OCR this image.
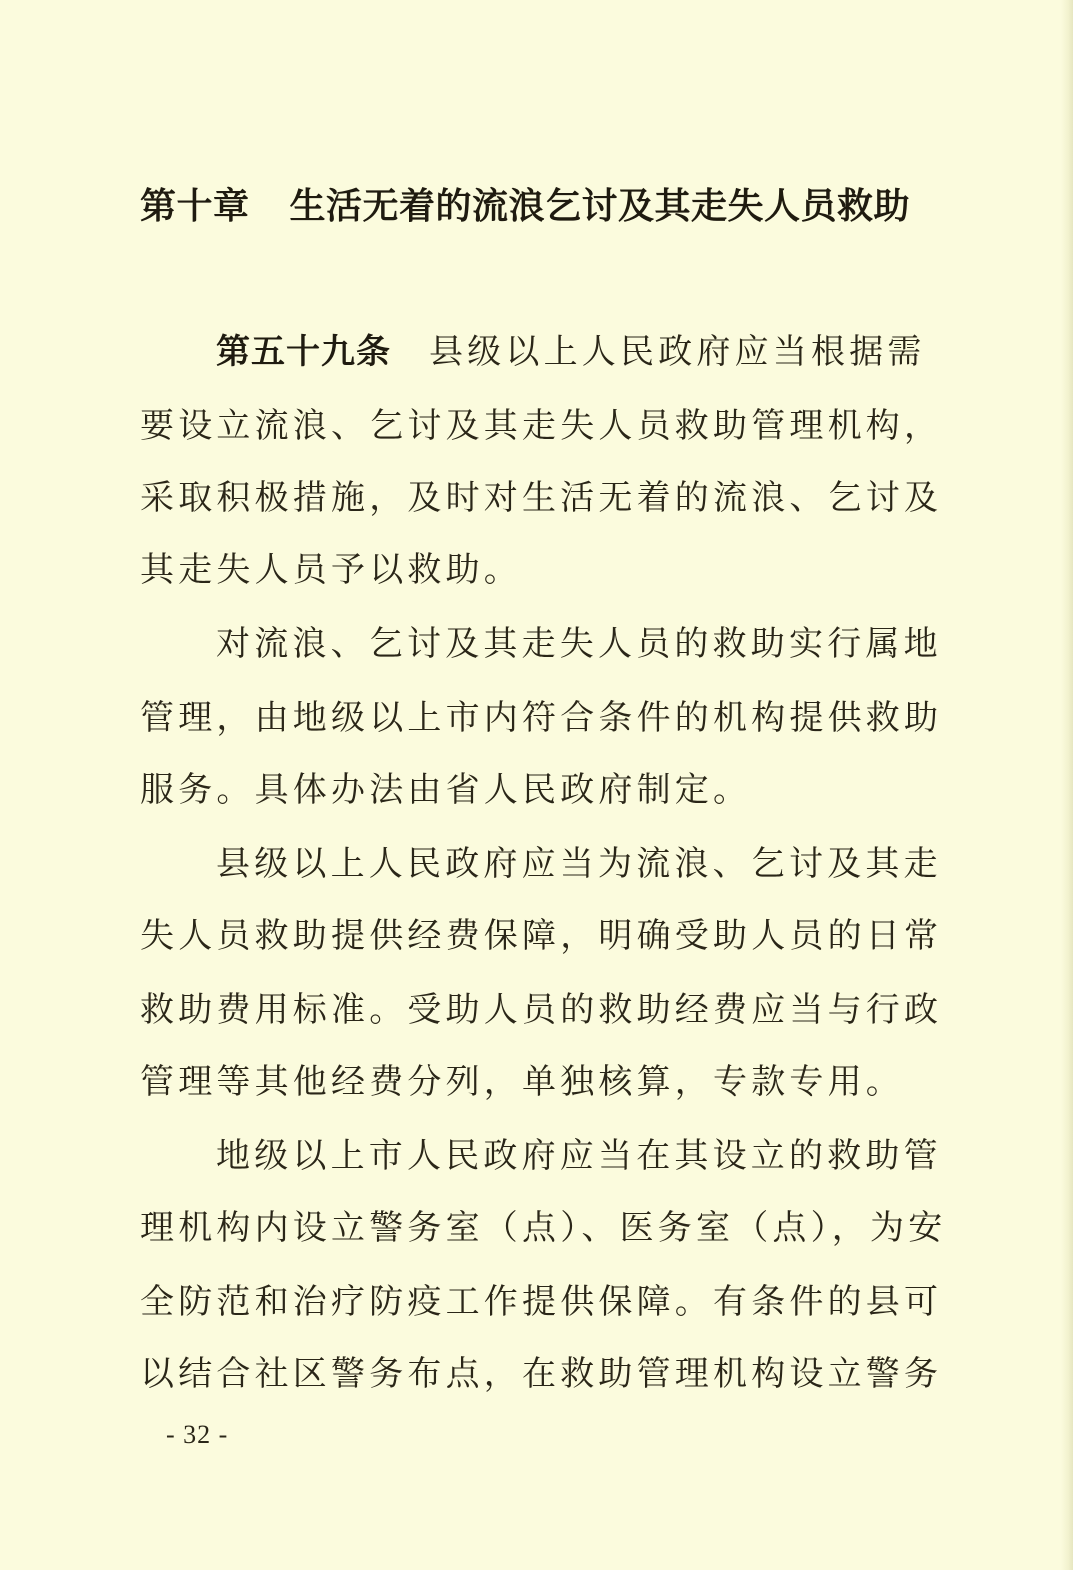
第十章 生活无着的流浪乞讨及其走失人员救助
第五十九条 县级以上人民政府应当根据需
要设立流浪、乞讨及其走失人员救助管理机构，
采取积极措施，及时对生活无着的流浪、乞讨及
其走失人员予以救助。
对流浪、乞讨及其走失人员的救助实行属地
管理，由地级以上市内符合条件的机构提供救助
服务。具体办法由省人民政府制定。
县级以上人民政府应当为流浪、乞讨及其走
失人员救助提供经费保障，明确受助人员的日常
救助费用标准。受助人员的救助经费应当与行政
管理等其他经费分列，单独核算，专款专用。
地级以上市人民政府应当在其设立的救助管
理机构内设立警务室（点）、医务室（点），为安
全防范和治疗防疫工作提供保障。有条件的县可
以结合社区警务布点，在救助管理机构设立警务
- 32 -
